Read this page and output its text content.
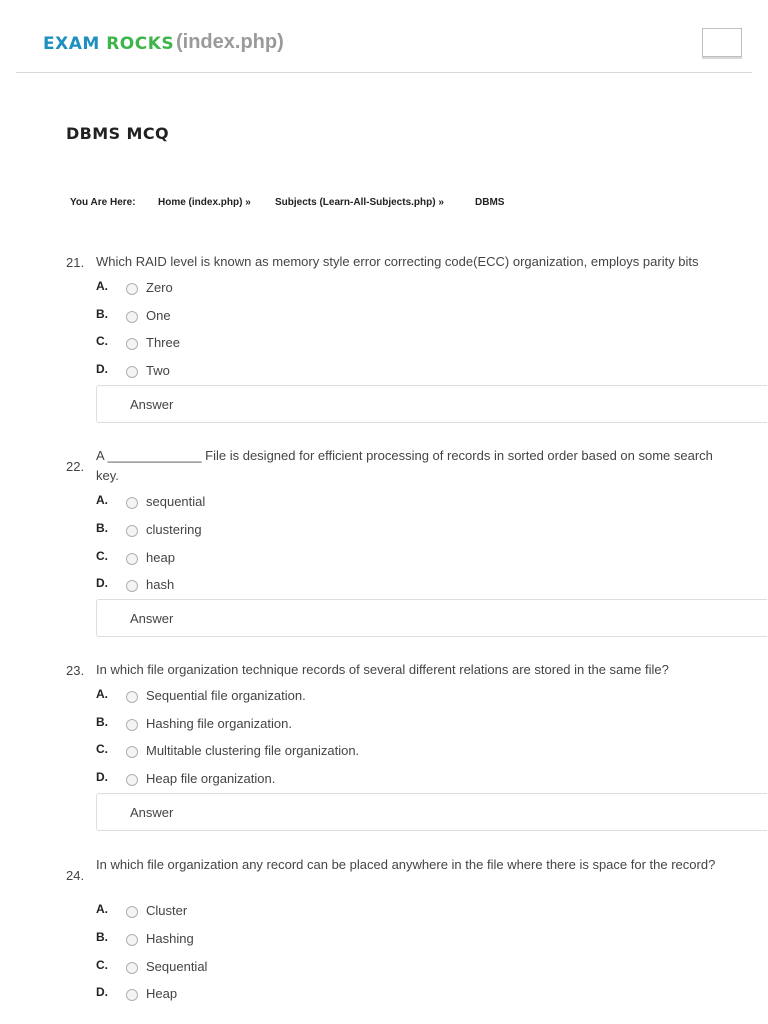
EXAM ROCKS (index.php)
DBMS MCQ
You Are Here: Home (index.php) » Subjects (Learn-All-Subjects.php) »	DBMS
21. Which RAID level is known as memory style error correcting code(ECC) organization, employs parity bits
A.	Zero
B.	One
C.	Three
D.	Two
Answer
22.
A _____________ File is designed for efficient processing of records in sorted order based on some search key.
A.	sequential
B.	clustering
C.	heap
D.	hash
Answer
23. In which file organization technique records of several different relations are stored in the same file?
A.	Sequential file organization.
B.	Hashing file organization.
C.	Multitable clustering file organization.
D.	Heap file organization.
Answer
24.
In which file organization any record can be placed anywhere in the file where there is space for the record?
A.	Cluster
B.	Hashing
C.	Sequential
D.	Heap
